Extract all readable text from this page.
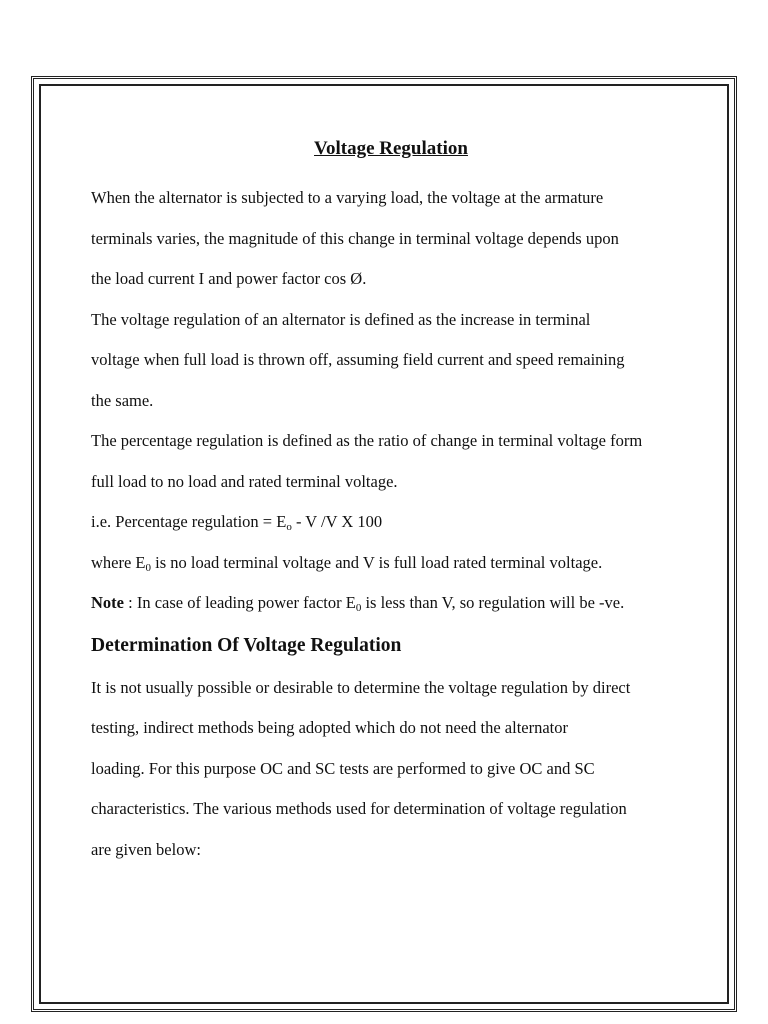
Voltage Regulation

When the alternator is subjected to a varying load, the voltage at the armature
terminals varies, the magnitude of this change in terminal voltage depends upon
the load current I and power factor cos Ø.

The voltage regulation of an alternator is defined as the increase in terminal
voltage when full load is thrown off, assuming field current and speed remaining
the same.

The percentage regulation is defined as the ratio of change in terminal voltage form
full load to no load and rated terminal voltage.

i.e. Percentage regulation = $E_o$ - V /V X 100

where $E_0$ is no load terminal voltage and V is full load rated terminal voltage.

Note : In case of leading power factor $E_0$ is less than V, so regulation will be -ve.

Determination Of Voltage Regulation

It is not usually possible or desirable to determine the voltage regulation by direct
testing, indirect methods being adopted which do not need the alternator
loading. For this purpose OC and SC tests are performed to give OC and SC
characteristics. The various methods used for determination of voltage regulation
are given below:
